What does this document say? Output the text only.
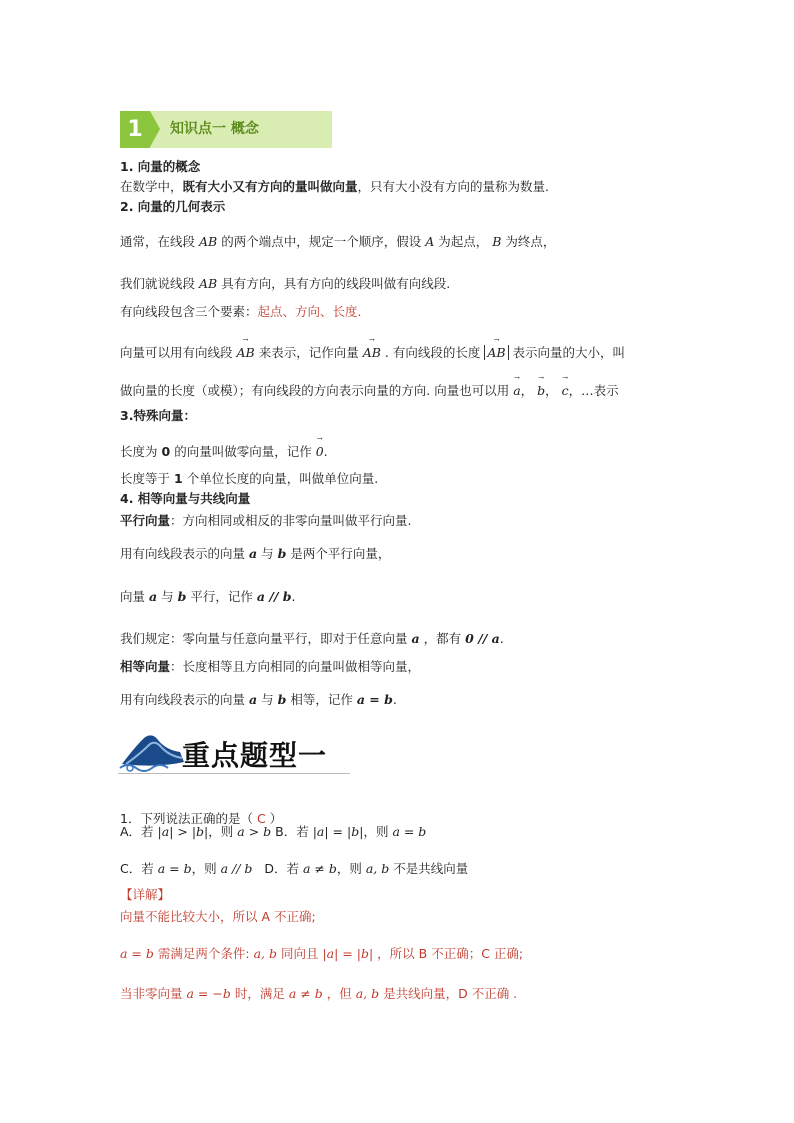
1	知识点一 概念
1. 向量的概念
在数学中，既有大小又有方向的量叫做向量，只有大小没有方向的量称为数量.
2. 向量的几何表示
通常，在线段 AB 的两个端点中，规定一个顺序，假设 A 为起点， B 为终点，
我们就说线段 AB 具有方向，具有方向的线段叫做有向线段.
有向线段包含三个要素：起点、方向、长度.
向量可以用有向线段
→
AB 来表示，记作向量
→
AB . 有向线段的长度
→
AB 表示向量的大小，叫
做向量的长度（或模）；有向线段的方向表示向量的方向. 向量也可以用
→
a，
→
b，
→
c，…表示
3.特殊向量：
长度为 0 的向量叫做零向量，记作
→
0.
长度等于 1 个单位长度的向量，叫做单位向量.
4. 相等向量与共线向量
平行向量：方向相同或相反的非零向量叫做平行向量.
用有向线段表示的向量 a 与 b 是两个平行向量，
向量 a 与 b 平行，记作 a // b.
我们规定：零向量与任意向量平行，即对于任意向量 a ，都有 0 // a.
相等向量：长度相等且方向相同的向量叫做相等向量，
用有向线段表示的向量 a 与 b 相等，记作 a = b.
重点题型一
1．下列说法正确的是（ C ）
A．若 |a| > |b|，则 a > b B．若 |a| = |b|，则 a = b
C．若 a = b，则 a // b D．若 a ≠ b，则 a, b 不是共线向量
【详解】
向量不能比较大小，所以 A 不正确;
a = b 需满足两个条件: a, b 同向且 |a| = |b| ，所以 B 不正确；C 正确;
当非零向量 a = −b 时，满足 a ≠ b ，但 a, b 是共线向量，D 不正确 .
